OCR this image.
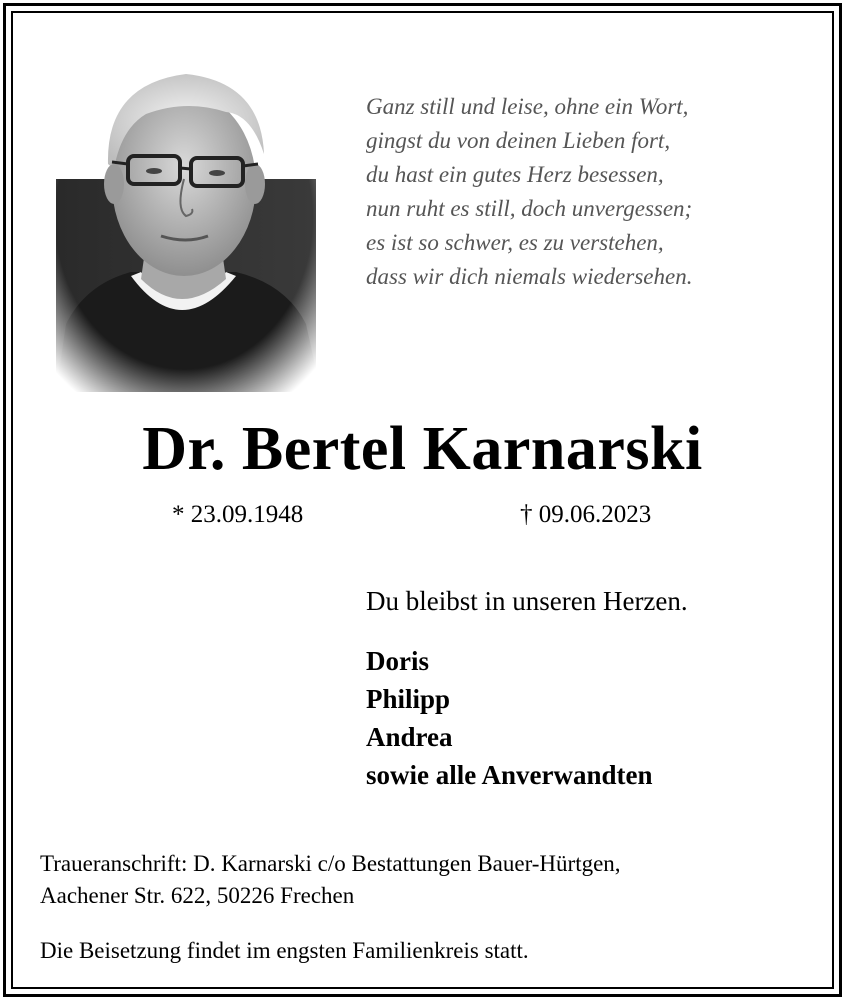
Ganz still und leise, ohne ein Wort,
gingst du von deinen Lieben fort,
du hast ein gutes Herz besessen,
nun ruht es still, doch unvergessen;
es ist so schwer, es zu verstehen,
dass wir dich niemals wiedersehen.
Dr. Bertel Karnarski
* 23.09.1948	† 09.06.2023
Du bleibst in unseren Herzen.
Doris
Philipp
Andrea
sowie alle Anverwandten
Traueranschrift: D. Karnarski c/o Bestattungen Bauer-Hürtgen,
Aachener Str. 622, 50226 Frechen
Die Beisetzung findet im engsten Familienkreis statt.
